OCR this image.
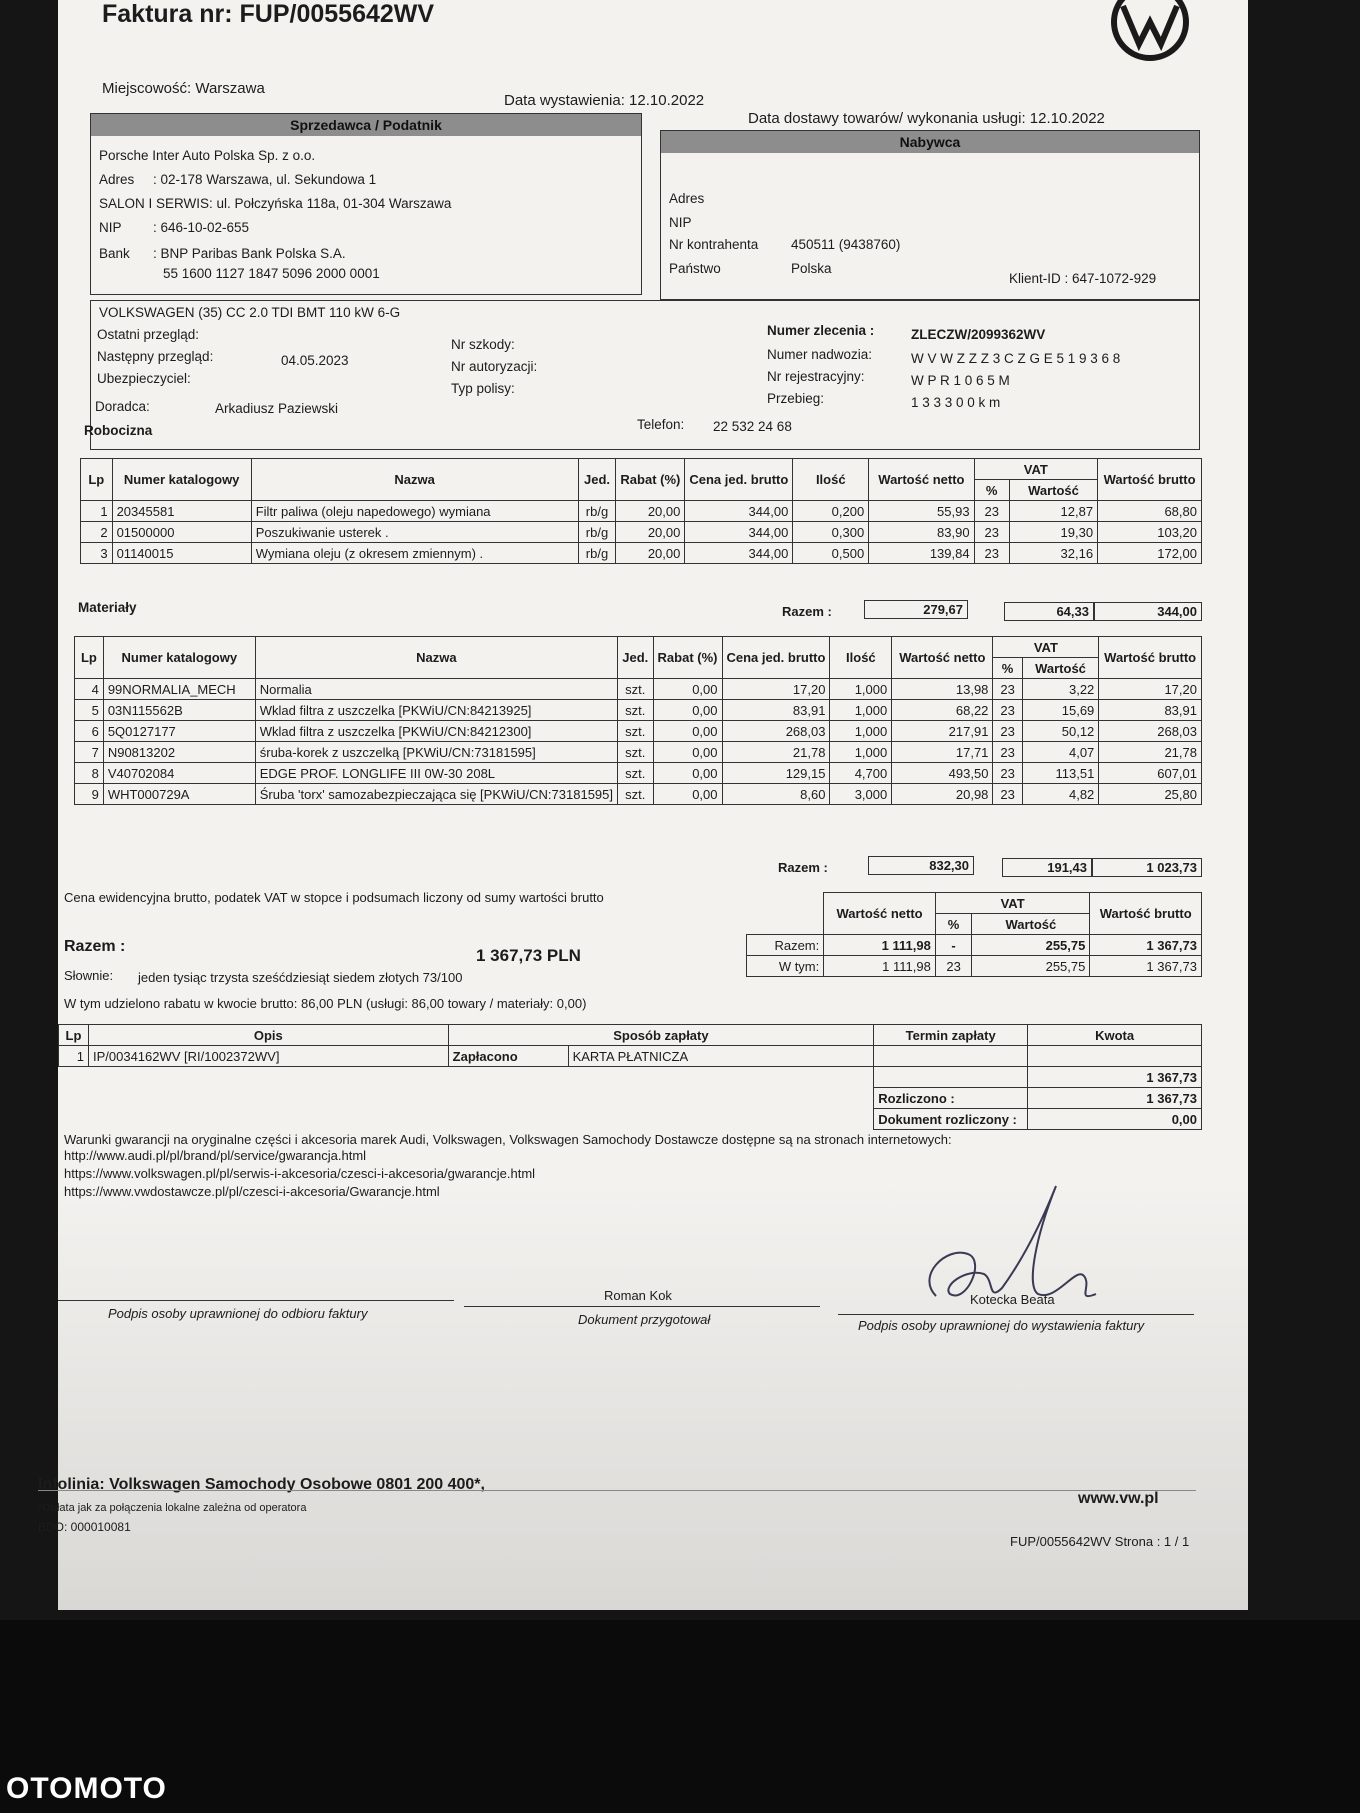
Faktura nr: FUP/0055642WV
Miejscowość: Warszawa
Data wystawienia: 12.10.2022
Data dostawy towarów/ wykonania usługi: 12.10.2022
Sprzedawca / Podatnik
Porsche Inter Auto Polska Sp. z o.o.
Adres : 02-178 Warszawa, ul. Sekundowa 1
SALON I SERWIS: ul. Połczyńska 118a, 01-304 Warszawa
NIP : 646-10-02-655
Bank : BNP Paribas Bank Polska S.A.
55 1600 1127 1847 5096 2000 0001
Nabywca
Adres
NIP
Nr kontrahenta 450511 (9438760)
Państwo	Polska
Klient-ID : 647-1072-929
VOLKSWAGEN (35) CC 2.0 TDI BMT 110 kW 6-G
Ostatni przegląd:
Następny przegląd:	04.05.2023
Ubezpieczyciel:
Nr szkody:
Nr autoryzacji:
Typ polisy:
Numer zlecenia :	ZLECZW/2099362WV
Numer nadwozia:	W V W Z Z Z 3 C Z G E 5 1 9 3 6 8
Nr rejestracyjny:	W P R 1 0 6 5 M
Przebieg:	1 3 3 3 0 0 k m
Doradca:	Arkadiusz Paziewski
Telefon: 22 532 24 68
Robocizna
Lp	Numer katalogowy	Nazwa	Jed.	Rabat (%)	Cena jed. brutto	Ilość	Wartość netto	VAT		Wartość brutto
								%	Wartość	
1	20345581	Filtr paliwa (oleju napedowego) wymiana	rb/g	20,00	344,00	0,200	55,93	23	12,87	68,80
2	01500000	Poszukiwanie usterek .	rb/g	20,00	344,00	0,300	83,90	23	19,30	103,20
3	01140015	Wymiana oleju (z okresem zmiennym) .	rb/g	20,00	344,00	0,500	139,84	23	32,16	172,00
Razem :	279,67	64,33	344,00
Materiały
Lp	Numer katalogowy	Nazwa	Jed.	Rabat (%)	Cena jed. brutto	Ilość	Wartość netto	VAT		Wartość brutto
								%	Wartość	
4	99NORMALIA_MECH	Normalia	szt.	0,00	17,20	1,000	13,98	23	3,22	17,20
5	03N115562B	Wklad filtra z uszczelka [PKWiU/CN:84213925]	szt.	0,00	83,91	1,000	68,22	23	15,69	83,91
6	5Q0127177	Wklad filtra z uszczelka [PKWiU/CN:84212300]	szt.	0,00	268,03	1,000	217,91	23	50,12	268,03
7	N90813202	śruba-korek z uszczelką [PKWiU/CN:73181595]	szt.	0,00	21,78	1,000	17,71	23	4,07	21,78
8	V40702084	EDGE PROF. LONGLIFE III 0W-30 208L	szt.	0,00	129,15	4,700	493,50	23	113,51	607,01
9	WHT000729A	Śruba 'torx' samozabezpieczająca się [PKWiU/CN:73181595]	szt.	0,00	8,60	3,000	20,98	23	4,82	25,80
Razem :	832,30	191,43	1 023,73
Cena ewidencyjna brutto, podatek VAT w stopce i podsumach liczony od sumy wartości brutto
Razem :	1 367,73 PLN
Słownie: jeden tysiąc trzysta sześćdziesiąt siedem złotych 73/100
W tym udzielono rabatu w kwocie brutto: 86,00 PLN (usługi: 86,00 towary / materiały: 0,00)
	Wartość netto	VAT		Wartość brutto
		%	Wartość	
Razem:	1 111,98	-	255,75	1 367,73
W tym:	1 111,98	23	255,75	1 367,73
Lp	Opis	Sposób zapłaty		Termin zapłaty	Kwota
1	IP/0034162WV [RI/1002372WV]	Zapłacono	KARTA PŁATNICZA		
					1 367,73
				Rozliczono :	1 367,73
				Dokument rozliczony :	0,00
Warunki gwarancji na oryginalne części i akcesoria marek Audi, Volkswagen, Volkswagen Samochody Dostawcze dostępne są na stronach internetowych:
http://www.audi.pl/pl/brand/pl/service/gwarancja.html
https://www.volkswagen.pl/pl/serwis-i-akcesoria/czesci-i-akcesoria/gwarancje.html
https://www.vwdostawcze.pl/pl/czesci-i-akcesoria/Gwarancje.html
Podpis osoby uprawnionej do odbioru faktury
Roman Kok
Dokument przygotował
Kotecka Beata
Podpis osoby uprawnionej do wystawienia faktury
Infolinia: Volkswagen Samochody Osobowe 0801 200 400*,
www.vw.pl
*Opłata jak za połączenia lokalne zależna od operatora
BDO: 000010081
FUP/0055642WV Strona : 1 / 1
OTOMOTO
